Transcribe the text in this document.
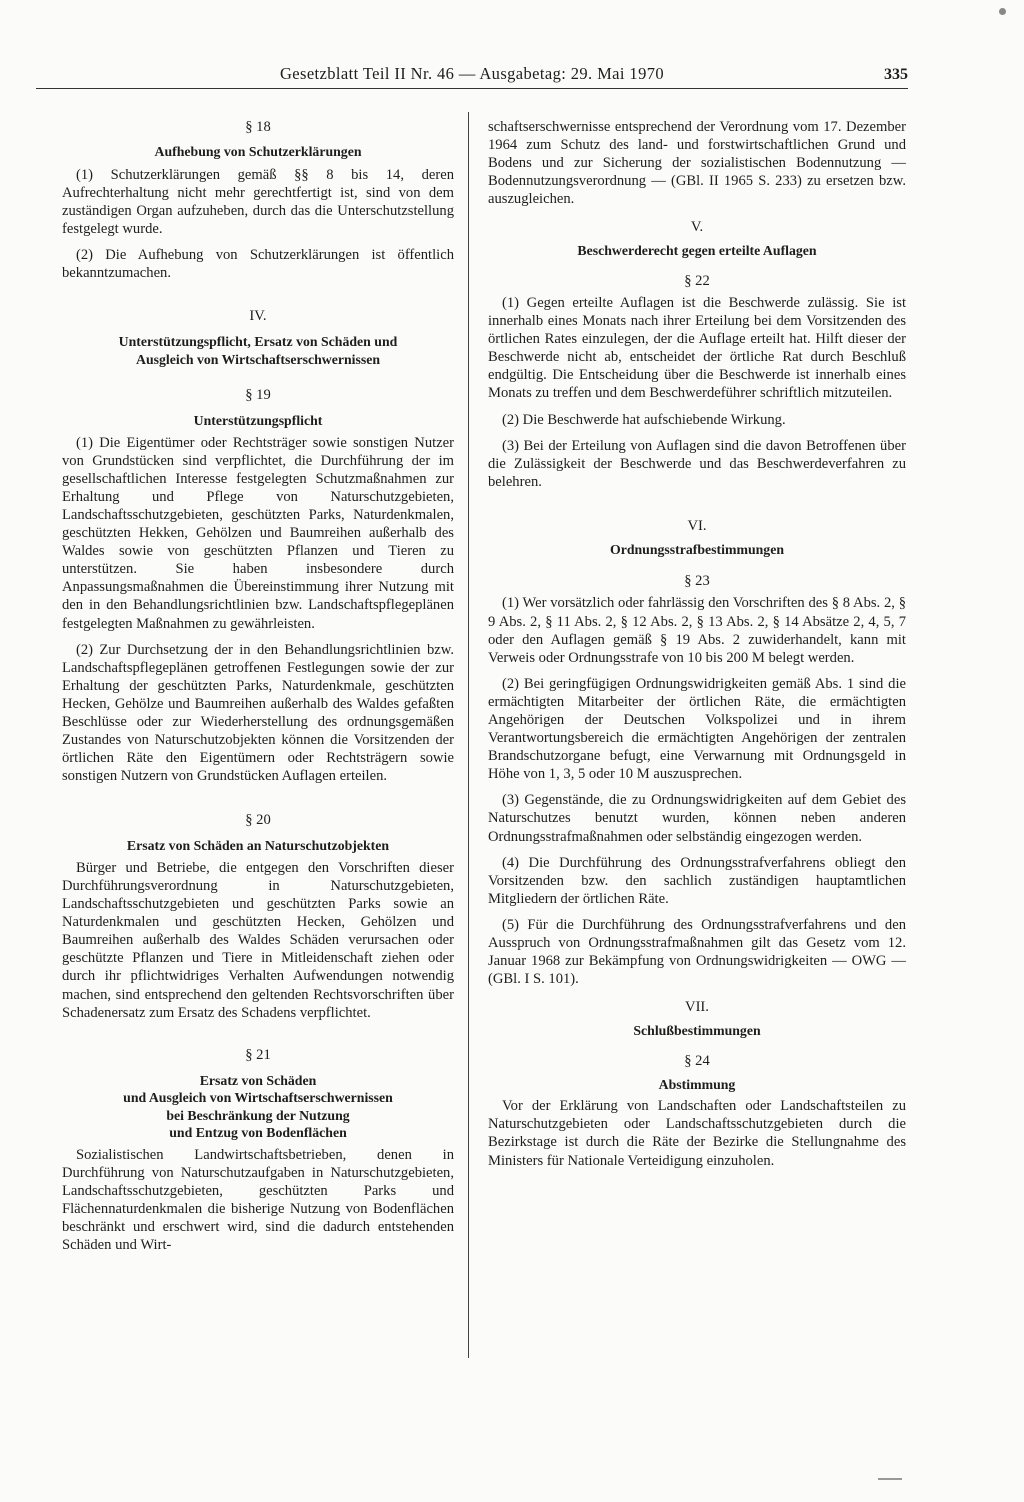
Gesetzblatt Teil II Nr. 46 — Ausgabetag: 29. Mai 1970	335
§ 18
Aufhebung von Schutzerklärungen

(1) Schutzerklärungen gemäß §§ 8 bis 14, deren Aufrechterhaltung nicht mehr gerechtfertigt ist, sind von dem zuständigen Organ aufzuheben, durch das die Unterschutzstellung festgelegt wurde.

(2) Die Aufhebung von Schutzerklärungen ist öffentlich bekanntzumachen.

IV.
Unterstützungspflicht, Ersatz von Schäden und
Ausgleich von Wirtschaftserschwernissen
§ 19
Unterstützungspflicht

(1) Die Eigentümer oder Rechtsträger sowie sonstigen Nutzer von Grundstücken sind verpflichtet, die Durchführung der im gesellschaftlichen Interesse festgelegten Schutzmaßnahmen zur Erhaltung und Pflege von Naturschutzgebieten, Landschaftsschutzgebieten, geschützten Parks, Naturdenkmalen, geschützten Hekken, Gehölzen und Baumreihen außerhalb des Waldes sowie von geschützten Pflanzen und Tieren zu unterstützen. Sie haben insbesondere durch Anpassungsmaßnahmen die Übereinstimmung ihrer Nutzung mit den in den Behandlungsrichtlinien bzw. Landschaftspflegeplänen festgelegten Maßnahmen zu gewährleisten.

(2) Zur Durchsetzung der in den Behandlungsrichtlinien bzw. Landschaftspflegeplänen getroffenen Festlegungen sowie der zur Erhaltung der geschützten Parks, Naturdenkmale, geschützten Hecken, Gehölze und Baumreihen außerhalb des Waldes gefaßten Beschlüsse oder zur Wiederherstellung des ordnungsgemäßen Zustandes von Naturschutzobjekten können die Vorsitzenden der örtlichen Räte den Eigentümern oder Rechtsträgern sowie sonstigen Nutzern von Grundstücken Auflagen erteilen.

§ 20
Ersatz von Schäden an Naturschutzobjekten

Bürger und Betriebe, die entgegen den Vorschriften dieser Durchführungsverordnung in Naturschutzgebieten, Landschaftsschutzgebieten und geschützten Parks sowie an Naturdenkmalen und geschützten Hecken, Gehölzen und Baumreihen außerhalb des Waldes Schäden verursachen oder geschützte Pflanzen und Tiere in Mitleidenschaft ziehen oder durch ihr pflichtwidriges Verhalten Aufwendungen notwendig machen, sind entsprechend den geltenden Rechtsvorschriften über Schadenersatz zum Ersatz des Schadens verpflichtet.

§ 21
Ersatz von Schäden
und Ausgleich von Wirtschaftserschwernissen
bei Beschränkung der Nutzung
und Entzug von Bodenflächen

Sozialistischen Landwirtschaftsbetrieben, denen in Durchführung von Naturschutzaufgaben in Naturschutzgebieten, Landschaftsschutzgebieten, geschützten Parks und Flächennaturdenkmalen die bisherige Nutzung von Bodenflächen beschränkt und erschwert wird, sind die dadurch entstehenden Schäden und Wirt-

schaftserschwernisse entsprechend der Verordnung vom 17. Dezember 1964 zum Schutz des land- und forstwirtschaftlichen Grund und Bodens und zur Sicherung der sozialistischen Bodennutzung — Bodennutzungsverordnung — (GBl. II 1965 S. 233) zu ersetzen bzw. auszugleichen.

V.
Beschwerderecht gegen erteilte Auflagen
§ 22

(1) Gegen erteilte Auflagen ist die Beschwerde zulässig. Sie ist innerhalb eines Monats nach ihrer Erteilung bei dem Vorsitzenden des örtlichen Rates einzulegen, der die Auflage erteilt hat. Hilft dieser der Beschwerde nicht ab, entscheidet der örtliche Rat durch Beschluß endgültig. Die Entscheidung über die Beschwerde ist innerhalb eines Monats zu treffen und dem Beschwerdeführer schriftlich mitzuteilen.

(2) Die Beschwerde hat aufschiebende Wirkung.

(3) Bei der Erteilung von Auflagen sind die davon Betroffenen über die Zulässigkeit der Beschwerde und das Beschwerdeverfahren zu belehren.

VI.
Ordnungsstrafbestimmungen
§ 23

(1) Wer vorsätzlich oder fahrlässig den Vorschriften des § 8 Abs. 2, § 9 Abs. 2, § 11 Abs. 2, § 12 Abs. 2, § 13 Abs. 2, § 14 Absätze 2, 4, 5, 7 oder den Auflagen gemäß § 19 Abs. 2 zuwiderhandelt, kann mit Verweis oder Ordnungsstrafe von 10 bis 200 M belegt werden.

(2) Bei geringfügigen Ordnungswidrigkeiten gemäß Abs. 1 sind die ermächtigten Mitarbeiter der örtlichen Räte, die ermächtigten Angehörigen der Deutschen Volkspolizei und in ihrem Verantwortungsbereich die ermächtigten Angehörigen der zentralen Brandschutzorgane befugt, eine Verwarnung mit Ordnungsgeld in Höhe von 1, 3, 5 oder 10 M auszusprechen.

(3) Gegenstände, die zu Ordnungswidrigkeiten auf dem Gebiet des Naturschutzes benutzt wurden, können neben anderen Ordnungsstrafmaßnahmen oder selbständig eingezogen werden.

(4) Die Durchführung des Ordnungsstrafverfahrens obliegt den Vorsitzenden bzw. den sachlich zuständigen hauptamtlichen Mitgliedern der örtlichen Räte.

(5) Für die Durchführung des Ordnungsstrafverfahrens und den Ausspruch von Ordnungsstrafmaßnahmen gilt das Gesetz vom 12. Januar 1968 zur Bekämpfung von Ordnungswidrigkeiten — OWG — (GBl. I S. 101).

VII.
Schlußbestimmungen
§ 24
Abstimmung

Vor der Erklärung von Landschaften oder Landschaftsteilen zu Naturschutzgebieten oder Landschaftsschutzgebieten durch die Bezirkstage ist durch die Räte der Bezirke die Stellungnahme des Ministers für Nationale Verteidigung einzuholen.
